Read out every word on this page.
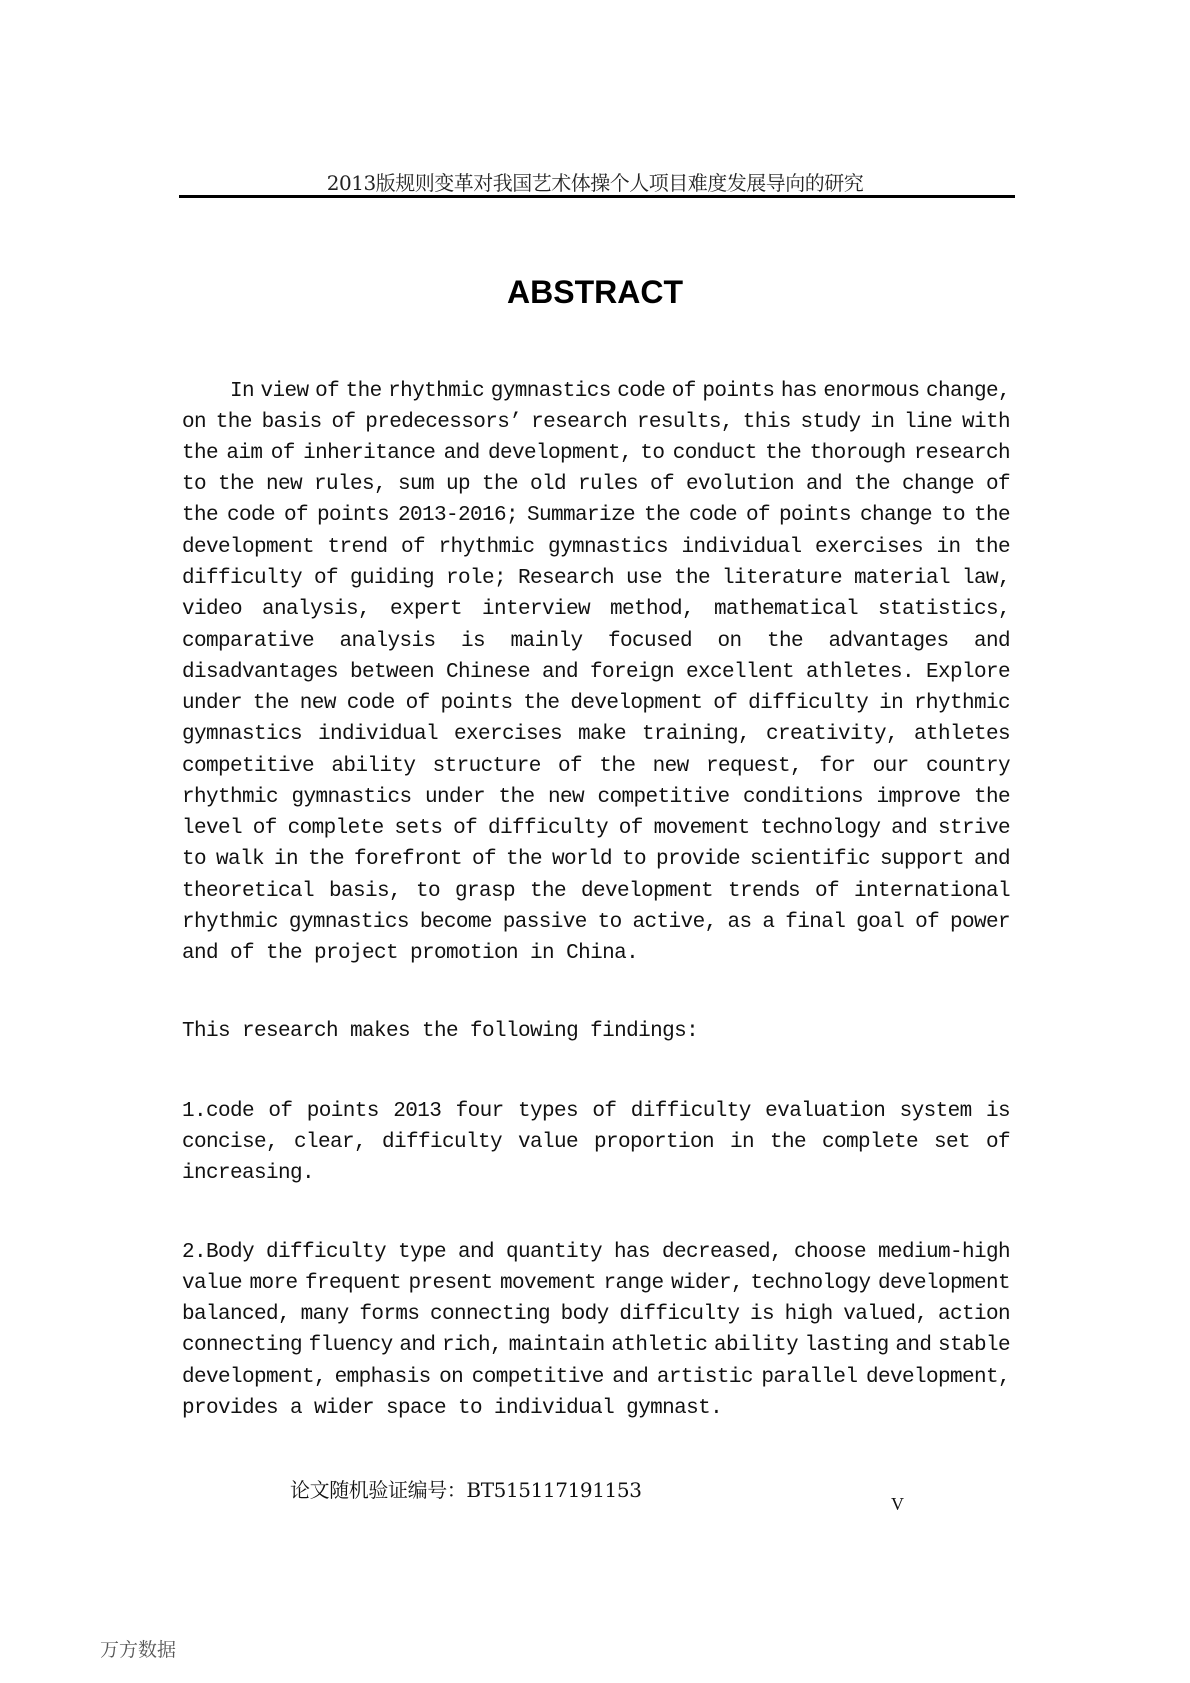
2013版规则变革对我国艺术体操个人项目难度发展导向的研究
ABSTRACT
In view of the rhythmic gymnastics code of points has enormous change,
on the basis of predecessors’ research results, this study in line with
the aim of inheritance and development, to conduct the thorough research
to the new rules, sum up the old rules of evolution and the change of
the code of points 2013-2016; Summarize the code of points change to the
development trend of rhythmic gymnastics individual exercises in the
difficulty of guiding role; Research use the literature material law,
video analysis, expert interview method, mathematical statistics,
comparative analysis is mainly focused on the advantages and
disadvantages between Chinese and foreign excellent athletes. Explore
under the new code of points the development of difficulty in rhythmic
gymnastics individual exercises make training, creativity, athletes
competitive ability structure of the new request, for our country
rhythmic gymnastics under the new competitive conditions improve the
level of complete sets of difficulty of movement technology and strive
to walk in the forefront of the world to provide scientific support and
theoretical basis, to grasp the development trends of international
rhythmic gymnastics become passive to active, as a final goal of power
and of the project promotion in China.
This research makes the following findings:
1.code of points 2013 four types of difficulty evaluation system is
concise, clear, difficulty value proportion in the complete set of
increasing.
2.Body difficulty type and quantity has decreased, choose medium-high
value more frequent present movement range wider, technology development
balanced, many forms connecting body difficulty is high valued, action
connecting fluency and rich, maintain athletic ability lasting and stable
development, emphasis on competitive and artistic parallel development,
provides a wider space to individual gymnast.
论文随机验证编号：BT515117191153
V
万方数据
